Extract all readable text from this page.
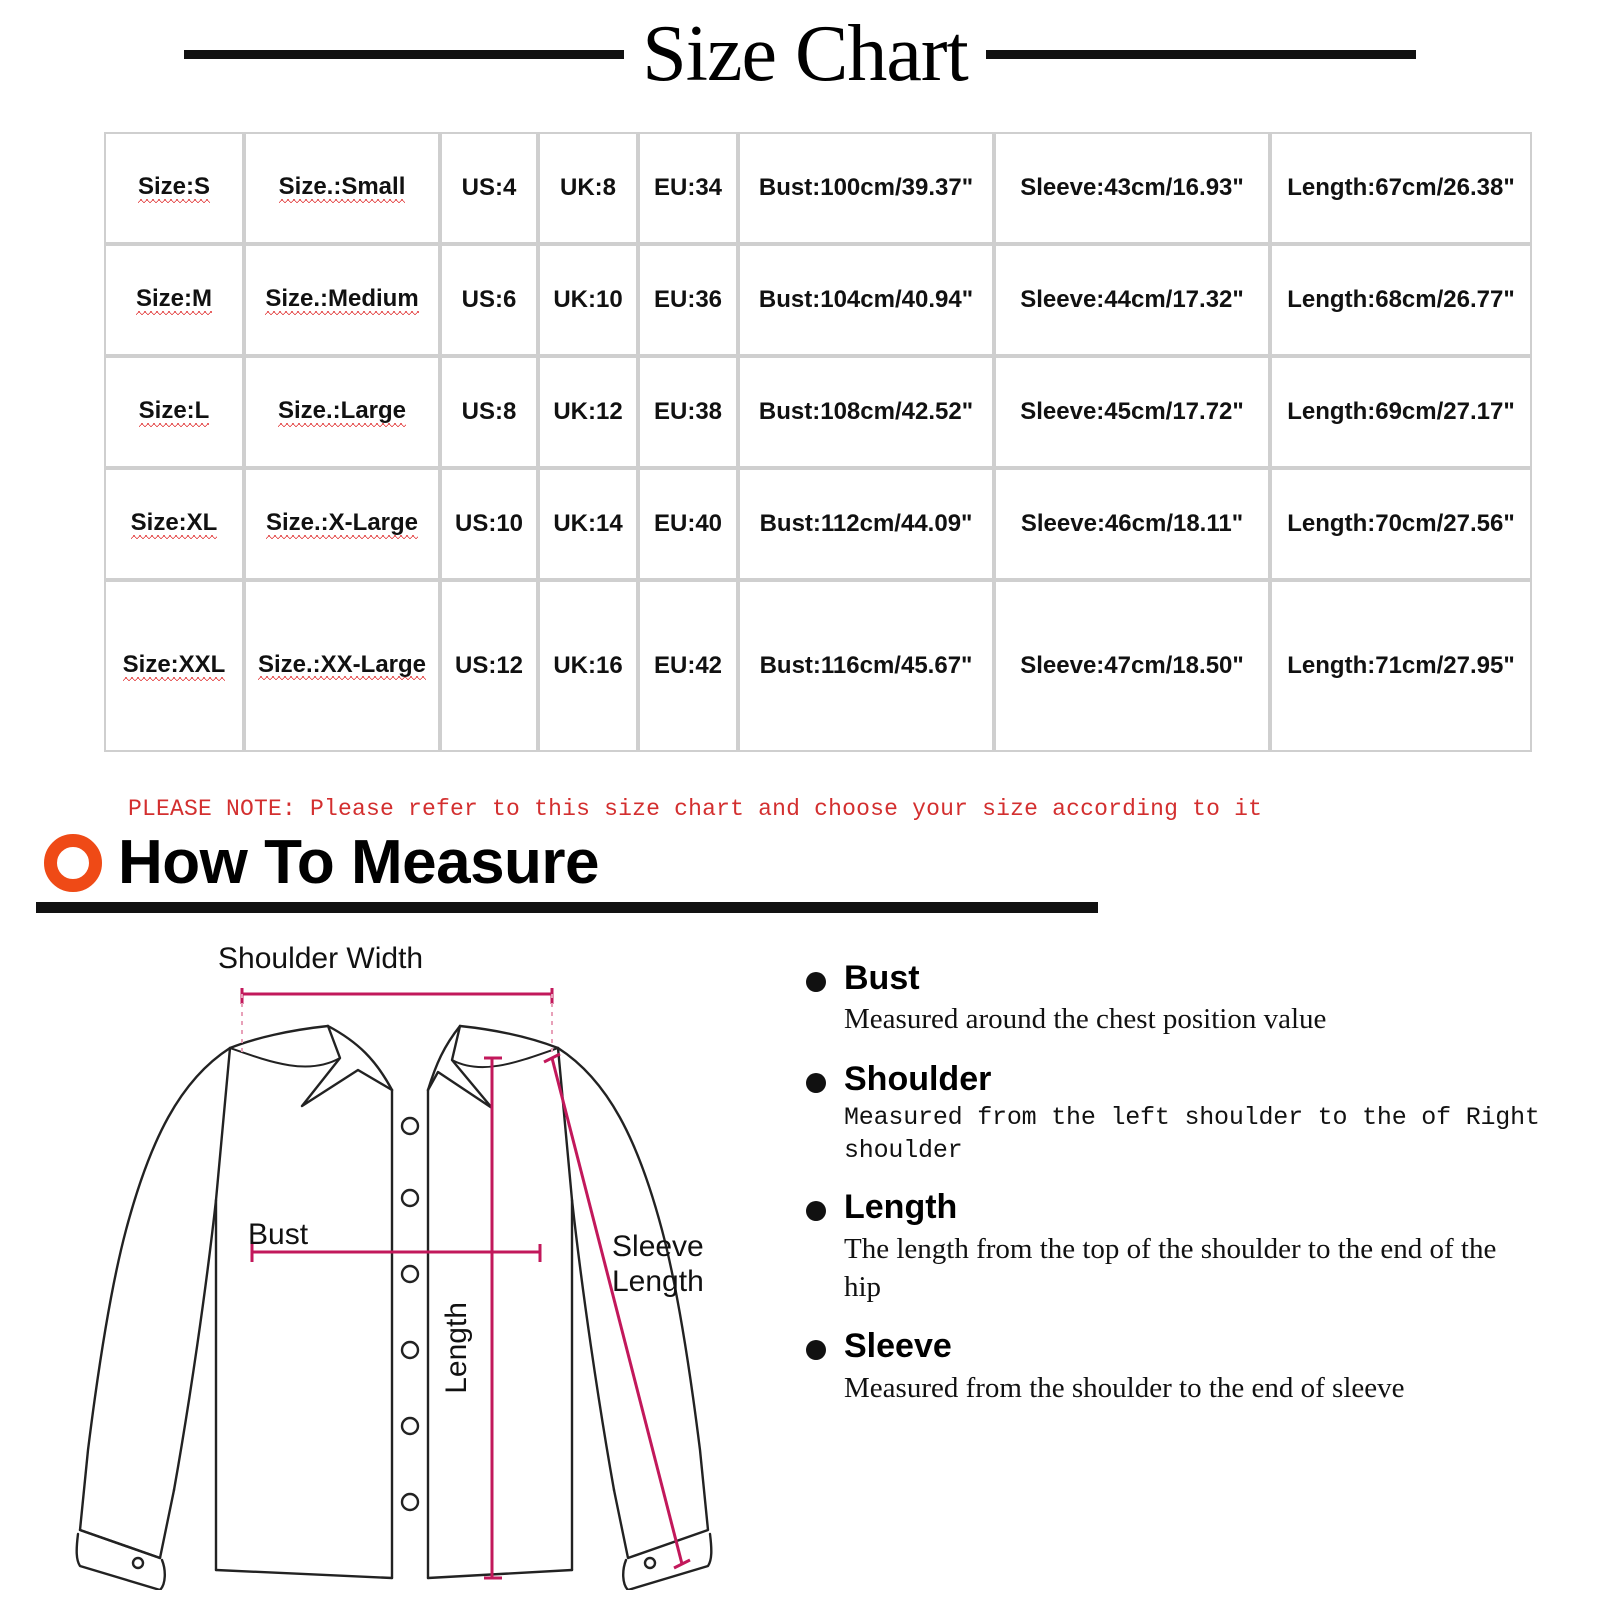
Size Chart
Size:S	Size.:Small	US:4	UK:8	EU:34	Bust:100cm/39.37"	Sleeve:43cm/16.93"	Length:67cm/26.38"
Size:M	Size.:Medium	US:6	UK:10	EU:36	Bust:104cm/40.94"	Sleeve:44cm/17.32"	Length:68cm/26.77"
Size:L	Size.:Large	US:8	UK:12	EU:38	Bust:108cm/42.52"	Sleeve:45cm/17.72"	Length:69cm/27.17"
Size:XL	Size.:X-Large	US:10	UK:14	EU:40	Bust:112cm/44.09"	Sleeve:46cm/18.11"	Length:70cm/27.56"
Size:XXL	Size.:XX-Large	US:12	UK:16	EU:42	Bust:116cm/45.67"	Sleeve:47cm/18.50"	Length:71cm/27.95"
PLEASE NOTE: Please refer to this size chart and choose your size according to it
How To Measure
Shoulder Width
Bust
Length
Sleeve
Length
Bust
Measured around the chest position value
Shoulder
Measured from the left shoulder to the of Right shoulder
Length
The length from the top of the shoulder to the end of the hip
Sleeve
Measured from the shoulder to the end of sleeve
